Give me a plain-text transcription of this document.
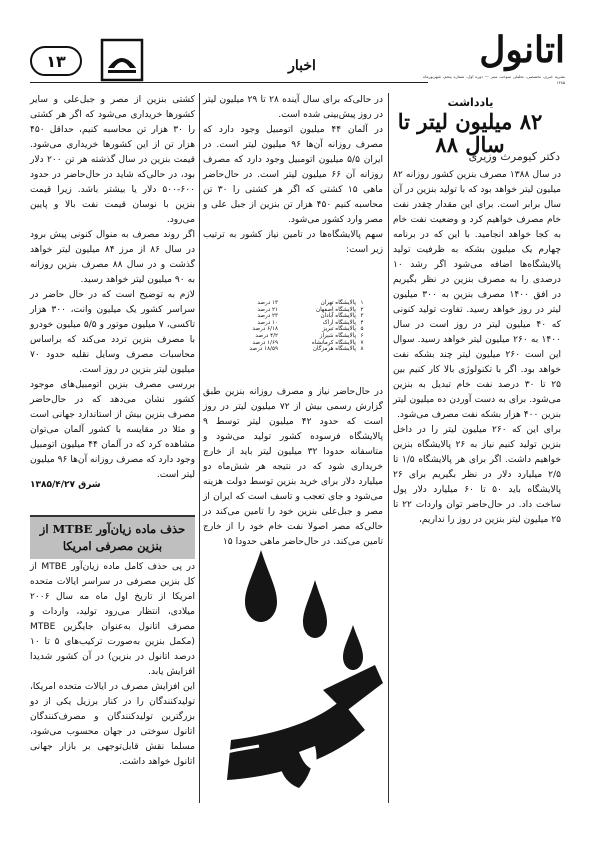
اتانول
نشریه خبری، تخصصی، تحلیلی سوخت سبز — دوره اول، شماره پنجم، شهریورماه ۱۳۸۵
اخبار
۱۳
یادداشت
۸۲ میلیون لیتر تا سال ۸۸
دکتر کیومرث وزیری

در سال ۱۳۸۸ مصرف بنزین کشور روزانه ۸۲ میلیون لیتر خواهد بود که با تولید بنزین در آن سال برابر است. برای این مقدار چقدر نفت خام مصرف خواهیم کرد و وضعیت نفت خام به کجا خواهد انجامید. با این که در برنامه چهارم یک میلیون بشکه به ظرفیت تولید پالایشگاه‌ها اضافه می‌شود اگر رشد ۱۰ درصدی را به مصرف بنزین در نظر بگیریم در افق ۱۴۰۰ مصرف بنزین به ۳۰۰ میلیون لیتر در روز خواهد رسید. تفاوت تولید کنونی که ۴۰ میلیون لیتر در روز است در سال ۱۴۰۰ به ۲۶۰ میلیون لیتر خواهد رسید. سوال این است ۲۶۰ میلیون لیتر چند بشکه نفت خواهد بود. اگر با تکنولوژی بالا کار کنیم بین ۲۵ تا ۳۰ درصد نفت خام تبدیل به بنزین می‌شود. برای به دست آوردن ده میلیون لیتر بنزین ۴۰۰ هزار بشکه نفت مصرف می‌شود.

برای این که ۲۶۰ میلیون لیتر را در داخل بنزین تولید کنیم نیاز به ۲۶ پالایشگاه بنزین خواهیم داشت. اگر برای هر پالایشگاه ۱/۵ تا ۲/۵ میلیارد دلار در نظر بگیریم برای ۲۶ پالایشگاه باید ۵۰ تا ۶۰ میلیارد دلار پول ساخت داد. در حال‌حاضر توان واردات ۲۲ تا ۲۵ میلیون لیتر بنزین در روز را نداریم،

در حالی‌که برای سال آینده ۲۸ تا ۲۹ میلیون لیتر در روز پیش‌بینی شده است.

در آلمان ۴۴ میلیون اتومبیل وجود دارد که مصرف روزانه آن‌ها ۹۶ میلیون لیتر است. در ایران ۵/۵ میلیون اتومبیل وجود دارد که مصرف روزانه آن ۶۶ میلیون لیتر است. در حال‌حاضر ماهی ۱۵ کشتی که اگر هر کشتی را ۳۰ تن محاسبه کنیم ۴۵۰ هزار تن بنزین از جبل علی و مصر وارد کشور می‌شود.

سهم پالایشگاه‌ها در تامین نیاز کشور به ترتیب زیر است:

۱
پالایشگاه تهران
۱۳ درصد
۲
پالایشگاه اصفهان
۲۱ درصد
۳
پالایشگاه آبادان
۲۳ درصد
۴
پالایشگاه اراک
۱۰ درصد
۵
پالایشگاه تبریز
۶/۱۸ درصد
۶
پالایشگاه شیراز
۴/۲ درصد
۷
پالایشگاه کرمانشاه
۱/۶۹ درصد
۸
پالایشگاه هرمزگان
۱۸/۵۹ درصد

در حال‌حاضر نیاز و مصرف روزانه بنزین طبق گزارش رسمی بیش از ۷۲ میلیون لیتر در روز است که حدود ۴۲ میلیون لیتر توسط ۹ پالایشگاه فرسوده کشور تولید می‌شود و متاسفانه حدودا ۳۲ میلیون لیتر باید از خارج خریداری شود که در نتیجه هر شش‌ماه دو میلیارد دلار برای خرید بنزین توسط دولت هزینه می‌شود و جای تعجب و تاسف است که ایران از مصر و جبل‌علی بنزین خود را تامین می‌کند در حالی‌که مصر اصولا نفت خام خود را از خارج تامین می‌کند. در حال‌حاضر ماهی حدودا ۱۵

کشتی بنزین از مصر و جبل‌علی و سایر کشورها خریداری می‌شود که اگر هر کشتی را ۳۰ هزار تن محاسبه کنیم، حداقل ۴۵۰ هزار تن از این کشورها خریداری می‌شود. قیمت بنزین در سال گذشته هر تن ۲۰۰ دلار بود، در حالی‌که شاید در حال‌حاضر در حدود ۶۰۰-۵۰۰ دلار یا بیشتر باشد. زیرا قیمت بنزین با نوسان قیمت نفت بالا و پایین می‌رود.

اگر روند مصرف به منوال کنونی پیش برود در سال ۸۶ از مرز ۸۴ میلیون لیتر خواهد گذشت و در سال ۸۸ مصرف بنزین روزانه به ۹۰ میلیون لیتر خواهد رسید.

لازم به توضیح است که در حال حاضر در سراسر کشور یک میلیون وانت، ۳۰۰ هزار تاکسی، ۷ میلیون موتور و ۵/۵ میلیون خودرو با مصرف بنزین تردد می‌کند که براساس محاسبات مصرف وسایل نقلیه حدود ۷۰ میلیون لیتر بنزین در روز است.

بررسی مصرف بنزین اتومبیل‌های موجود کشور نشان می‌دهد که در حال‌حاضر مصرف بنزین بیش از استاندارد جهانی است و مثلا در مقایسه با کشور آلمان می‌توان مشاهده کرد که در آلمان ۴۴ میلیون اتومبیل وجود دارد که مصرف روزانه آن‌ها ۹۶ میلیون لیتر است.

شرق ۱۳۸۵/۴/۲۷
حذف ماده زیان‌آور MTBE از بنزین مصرفی امریکا

در پی حذف کامل ماده زیان‌آور MTBE از کل بنزین مصرفی در سراسر ایالات متحده امریکا از تاریخ اول ماه مه سال ۲۰۰۶ میلادی، انتظار می‌رود تولید، واردات و مصرف اتانول به‌عنوان جایگزین MTBE (مکمل بنزین به‌صورت ترکیب‌های ۵ تا ۱۰ درصد اتانول در بنزین) در آن کشور شدیدا افزایش یابد.

این افزایش مصرف در ایالات متحده امریکا، تولیدکنندگان را در کنار برزیل یکی از دو بزرگترین تولیدکنندگان و مصرف‌کنندگان اتانول سوختی در جهان محسوب می‌شود، مسلما نقش قابل‌توجهی بر بازار جهانی اتانول خواهد داشت.
